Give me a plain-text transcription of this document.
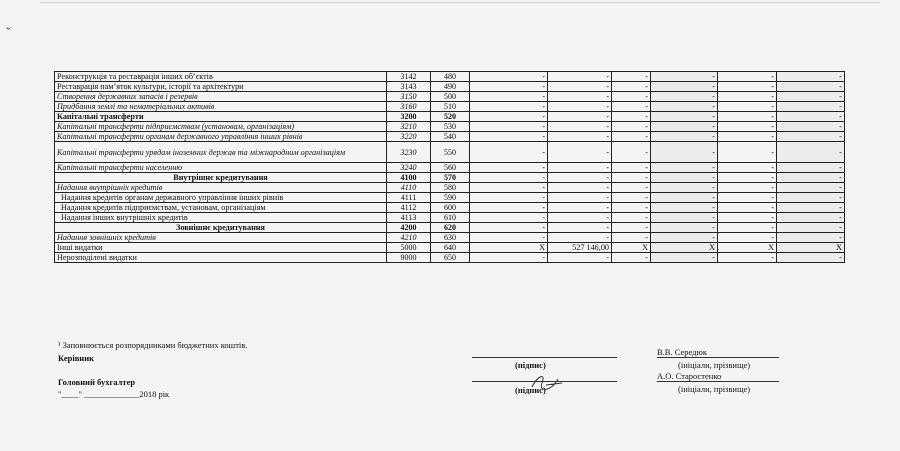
ˇ
Реконструкція та реставрація інших об’єктів	3142	480	-	-	-	-	-	-
Реставрація пам’яток культури, історії та архітектури	3143	490	-	-	-	-	-	-
Створення державних запасів і резервів	3150	500	-	-	-	-	-	-
Придбання землі та нематеріальних активів	3160	510	-	-	-	-	-	-
Капітальні трансферти	3200	520	-	-	-	-	-	-
Капітальні трансферти підприємствам (установам, організаціям)	3210	530	-	-	-	-	-	-
Капітальні трансферти органам державного управління інших рівнів	3220	540	-	-	-	-	-	-
Капітальні трансферти урядам іноземних держав та міжнародним організаціям	3230	550	-	-	-	-	-	-
Капітальні трансферти населенню	3240	560	-	-	-	-	-	-
Внутрішнє кредитування	4100	570	-	-	-	-	-	-
Надання внутрішніх кредитів	4110	580	-	-	-	-	-	-
Надання кредитів органам державного управління інших рівнів	4111	590	-	-	-	-	-	-
Надання кредитів підприємствам, установам, організаціям	4112	600	-	-	-	-	-	-
Надання інших внутрішніх кредитів	4113	610	-	-	-	-	-	-
Зовнішнє кредитування	4200	620	-	-	-	-	-	-
Надання зовнішніх кредитів	4210	630	-	-	-	-	-	-
Інші видатки	5000	640	X	527 146,00	X	X	X	X
Нерозподілені видатки	9000	650	-	-	-	-	-	-
¹ Заповнюється розпорядниками бюджетних коштів.
Керівник
Головний бухгалтер
"____" _____________2018 рік
(підпис)
(підпис)
В.В. Середюк
(ініціали, прізвище)
А.О. Старостенко
(ініціали, прізвище)
